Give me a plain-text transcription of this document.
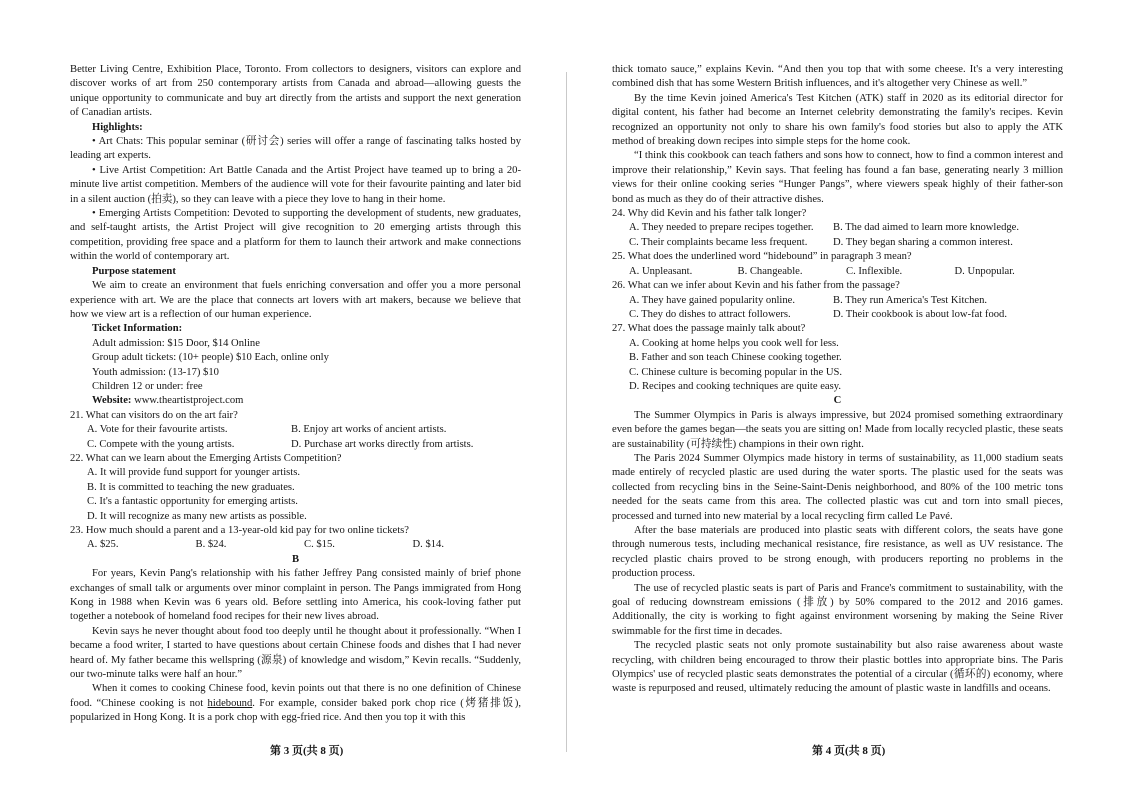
Better Living Centre, Exhibition Place, Toronto. From collectors to designers, visitors can explore and discover works of art from 250 contemporary artists from Canada and abroad—allowing guests the unique opportunity to communicate and buy art directly from the artists and support the next generation of Canadian artists.
Highlights:
• Art Chats: This popular seminar (研讨会) series will offer a range of fascinating talks hosted by leading art experts.
• Live Artist Competition: Art Battle Canada and the Artist Project have teamed up to bring a 20-minute live artist competition. Members of the audience will vote for their favourite painting and later bid in a silent auction (拍卖), so they can leave with a piece they love to hang in their home.
• Emerging Artists Competition: Devoted to supporting the development of students, new graduates, and self-taught artists, the Artist Project will give recognition to 20 emerging artists through this competition, providing free space and a platform for them to launch their artwork and make connections within the world of contemporary art.
Purpose statement
We aim to create an environment that fuels enriching conversation and offer you a more personal experience with art. We are the place that connects art lovers with art makers, because we believe that how we view art is a reflection of our human experience.
Ticket Information:
Adult admission: $15 Door, $14 Online
Group adult tickets: (10+ people) $10 Each, online only
Youth admission: (13-17) $10
Children 12 or under: free
Website: www.theartistproject.com
21. What can visitors do on the art fair?
A. Vote for their favourite artists.	B. Enjoy art works of ancient artists.
C. Compete with the young artists.	D. Purchase art works directly from artists.
22. What can we learn about the Emerging Artists Competition?
A. It will provide fund support for younger artists.
B. It is committed to teaching the new graduates.
C. It's a fantastic opportunity for emerging artists.
D. It will recognize as many new artists as possible.
23. How much should a parent and a 13-year-old kid pay for two online tickets?
A. $25.	B. $24.	C. $15.	D. $14.
B
For years, Kevin Pang's relationship with his father Jeffrey Pang consisted mainly of brief phone exchanges of small talk or arguments over minor complaint in person. The Pangs immigrated from Hong Kong in 1988 when Kevin was 6 years old. Before settling into America, his cook-loving father put together a notebook of homeland food recipes for their new lives abroad.
Kevin says he never thought about food too deeply until he thought about it professionally. “When I became a food writer, I started to have questions about certain Chinese foods and dishes that I had never heard of. My father became this wellspring (源泉) of knowledge and wisdom,” Kevin recalls. “Suddenly, our two-minute talks were half an hour.”
When it comes to cooking Chinese food, kevin points out that there is no one definition of Chinese food. “Chinese cooking is not hidebound. For example, consider baked pork chop rice (烤猪排饭), popularized in Hong Kong. It is a pork chop with egg-fried rice. And then you top it with this
thick tomato sauce,” explains Kevin. “And then you top that with some cheese. It's a very interesting combined dish that has some Western British influences, and it's altogether very Chinese as well.”
By the time Kevin joined America's Test Kitchen (ATK) staff in 2020 as its editorial director for digital content, his father had become an Internet celebrity demonstrating the family's recipes. Kevin recognized an opportunity not only to share his own family's food stories but also to apply the ATK method of breaking down recipes into simple steps for the home cook.
“I think this cookbook can teach fathers and sons how to connect, how to find a common interest and improve their relationship,” Kevin says. That feeling has found a fan base, generating nearly 3 million views for their online cooking series “Hunger Pangs”, where viewers speak highly of their father-son bond as much as they do of their attractive dishes.
24. Why did Kevin and his father talk longer?
A. They needed to prepare recipes together.	B. The dad aimed to learn more knowledge.
C. Their complaints became less frequent.	D. They began sharing a common interest.
25. What does the underlined word “hidebound” in paragraph 3 mean?
A. Unpleasant.	B. Changeable.	C. Inflexible.	D. Unpopular.
26. What can we infer about Kevin and his father from the passage?
A. They have gained popularity online.	B. They run America's Test Kitchen.
C. They do dishes to attract followers.	D. Their cookbook is about low-fat food.
27. What does the passage mainly talk about?
A. Cooking at home helps you cook well for less.
B. Father and son teach Chinese cooking together.
C. Chinese culture is becoming popular in the US.
D. Recipes and cooking techniques are quite easy.
C
The Summer Olympics in Paris is always impressive, but 2024 promised something extraordinary even before the games began—the seats you are sitting on! Made from locally recycled plastic, these seats are sustainability (可持续性) champions in their own right.
The Paris 2024 Summer Olympics made history in terms of sustainability, as 11,000 stadium seats made entirely of recycled plastic are used during the water sports. The plastic used for the seats was collected from recycling bins in the Seine-Saint-Denis neighborhood, and 80% of the 100 metric tons needed for the seats came from this area. The collected plastic was cut and torn into small pieces, processed and turned into new material by a local recycling firm called Le Pavé.
After the base materials are produced into plastic seats with different colors, the seats have gone through numerous tests, including mechanical resistance, fire resistance, as well as UV resistance. The recycled plastic chairs proved to be strong enough, with producers reporting no problems in the production process.
The use of recycled plastic seats is part of Paris and France's commitment to sustainability, with the goal of reducing downstream emissions (排放) by 50% compared to the 2012 and 2016 games. Additionally, the city is working to fight against environment worsening by making the Seine River swimmable for the first time in decades.
The recycled plastic seats not only promote sustainability but also raise awareness about waste recycling, with children being encouraged to throw their plastic bottles into appropriate bins. The Paris Olympics' use of recycled plastic seats demonstrates the potential of a circular (循环的) economy, where waste is repurposed and reused, ultimately reducing the amount of plastic waste in landfills and oceans.
第 3 页(共 8 页)	第 4 页(共 8 页)
